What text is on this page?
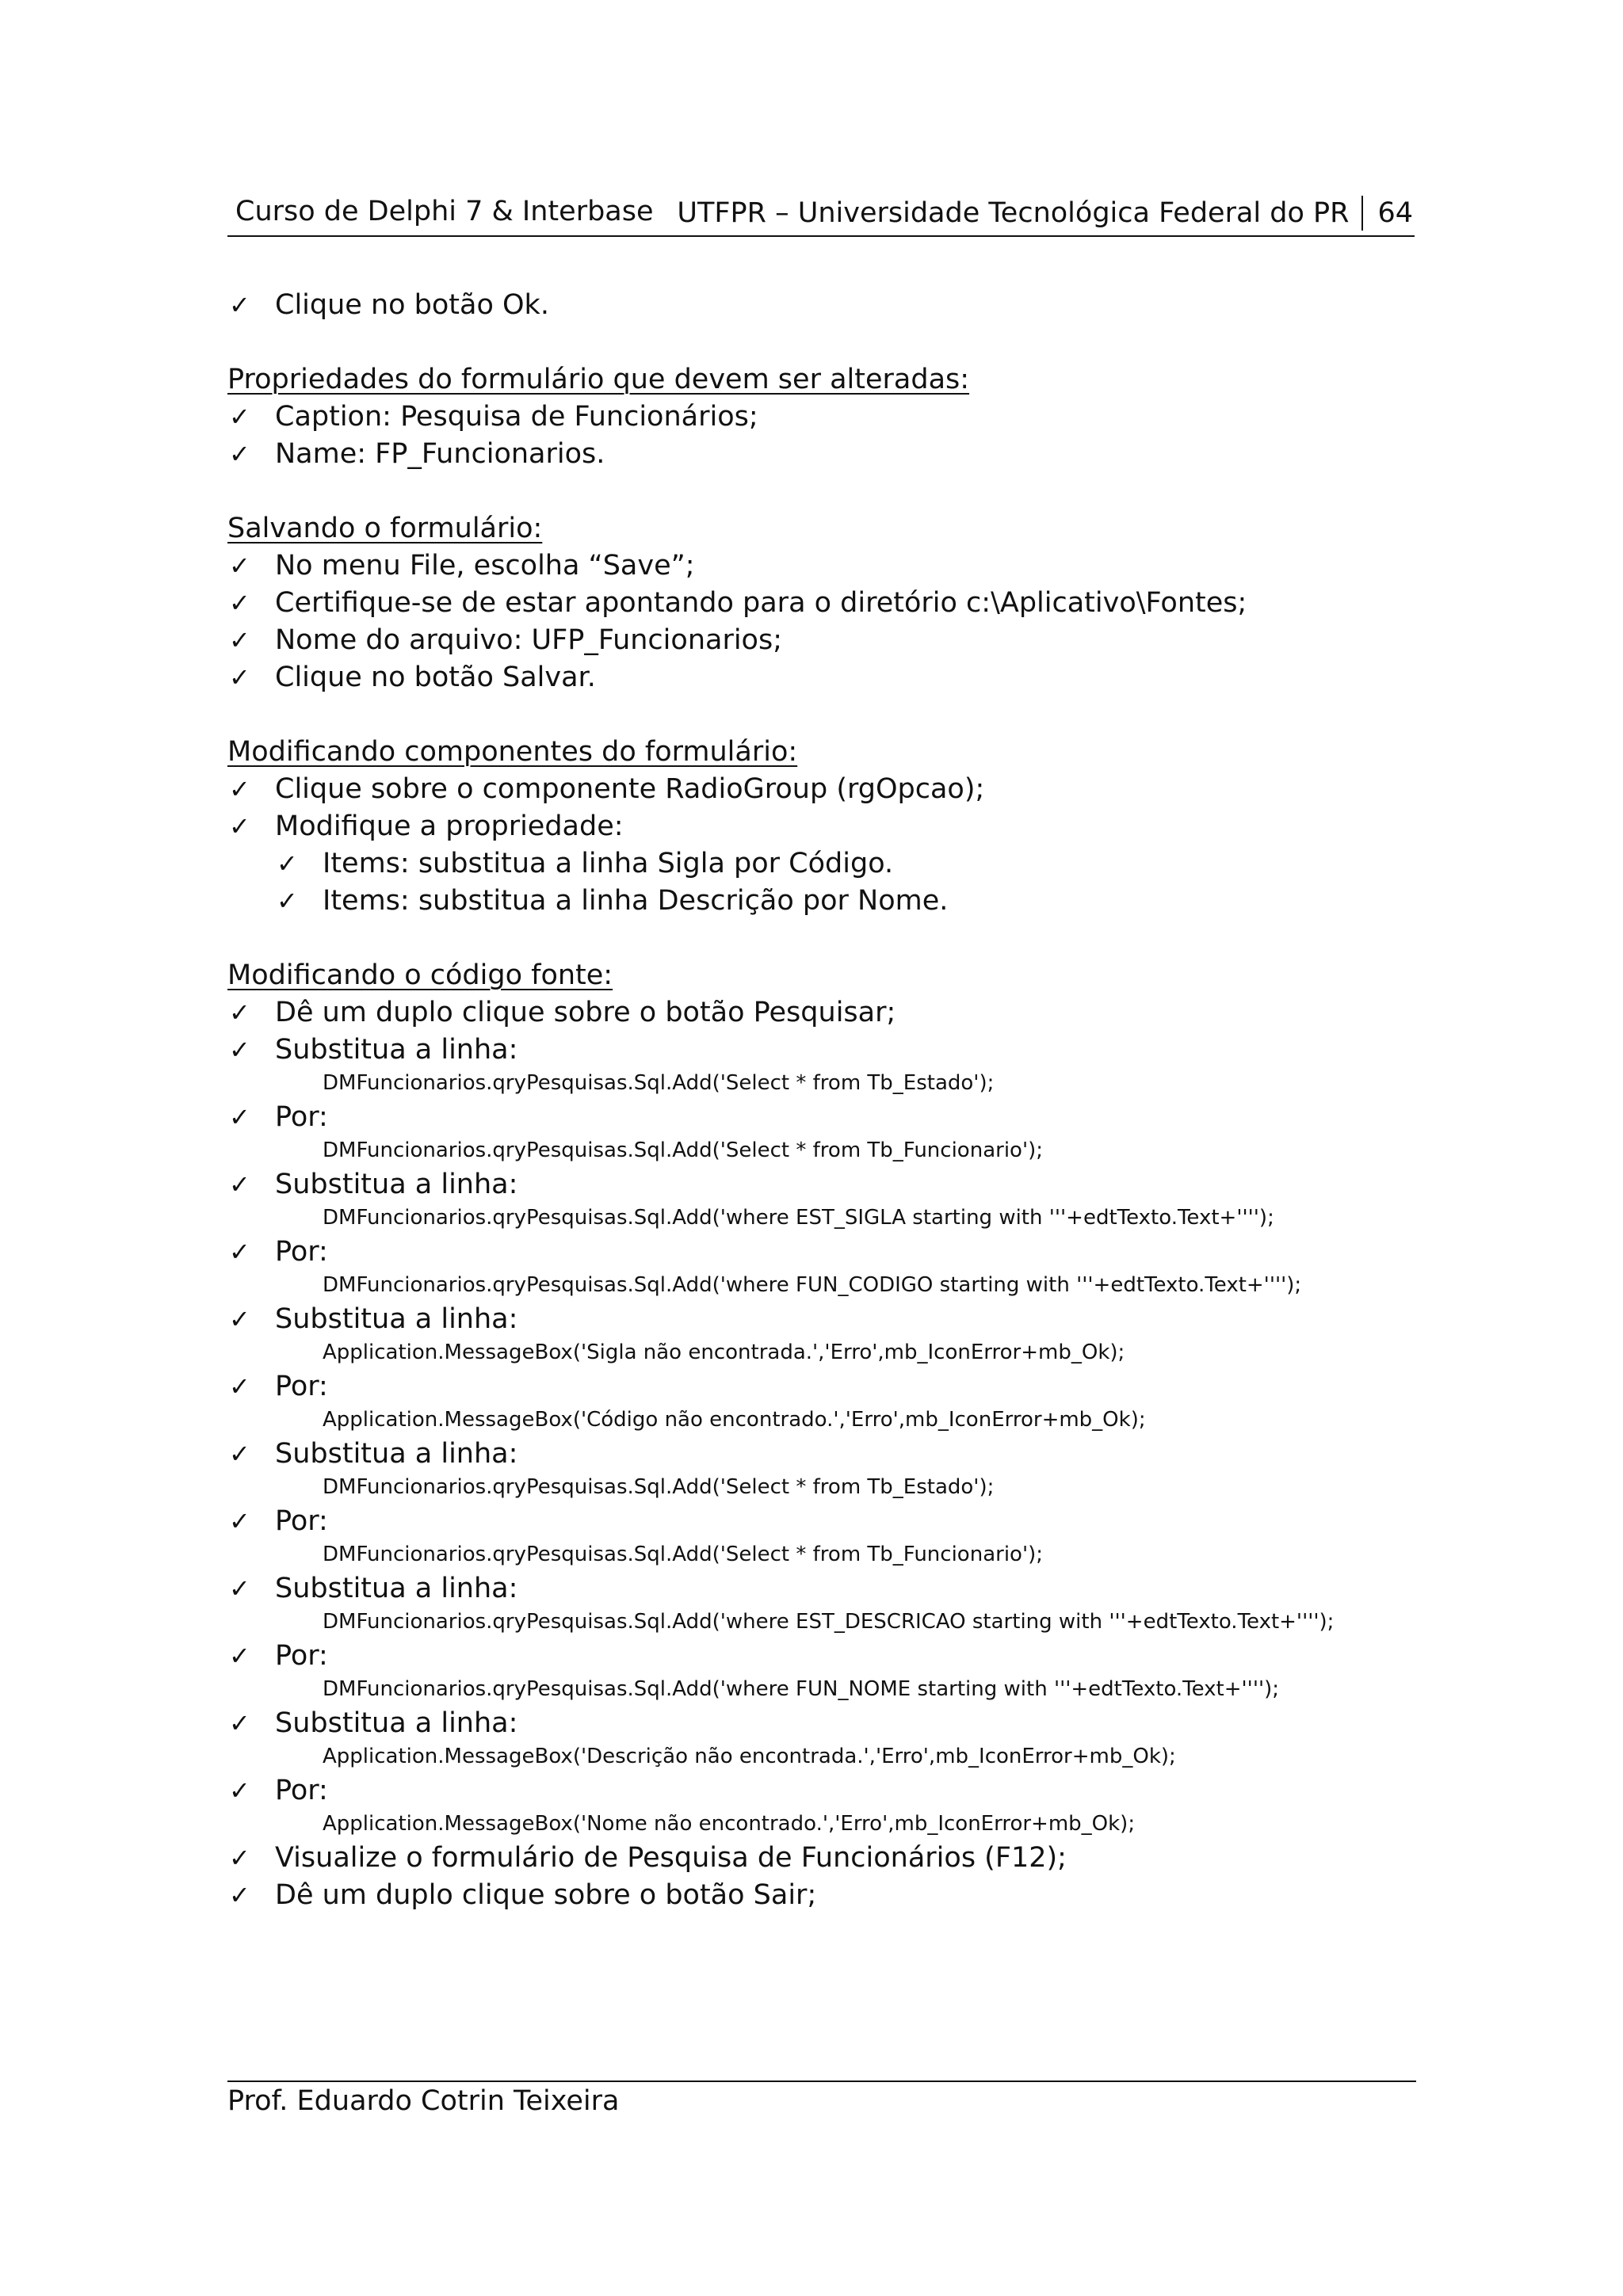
Curso de Delphi 7 & Interbase UTFPR – Universidade Tecnológica Federal do PR 64
✓ Clique no botão Ok.
Propriedades do formulário que devem ser alteradas:
✓ Caption: Pesquisa de Funcionários;
✓ Name: FP_Funcionarios.
Salvando o formulário:
✓ No menu File, escolha “Save”;
✓ Certifique-se de estar apontando para o diretório c:\Aplicativo\Fontes;
✓ Nome do arquivo: UFP_Funcionarios;
✓ Clique no botão Salvar.
Modificando componentes do formulário:
✓ Clique sobre o componente RadioGroup (rgOpcao);
✓ Modifique a propriedade:
✓ Items: substitua a linha Sigla por Código.
✓ Items: substitua a linha Descrição por Nome.
Modificando o código fonte:
✓ Dê um duplo clique sobre o botão Pesquisar;
✓ Substitua a linha:
DMFuncionarios.qryPesquisas.Sql.Add('Select * from Tb_Estado');
✓ Por:
DMFuncionarios.qryPesquisas.Sql.Add('Select * from Tb_Funcionario');
✓ Substitua a linha:
DMFuncionarios.qryPesquisas.Sql.Add('where EST_SIGLA starting with '''+edtTexto.Text+'''');
✓ Por:
DMFuncionarios.qryPesquisas.Sql.Add('where FUN_CODIGO starting with '''+edtTexto.Text+'''');
✓ Substitua a linha:
Application.MessageBox('Sigla não encontrada.','Erro',mb_IconError+mb_Ok);
✓ Por:
Application.MessageBox('Código não encontrado.','Erro',mb_IconError+mb_Ok);
✓ Substitua a linha:
DMFuncionarios.qryPesquisas.Sql.Add('Select * from Tb_Estado');
✓ Por:
DMFuncionarios.qryPesquisas.Sql.Add('Select * from Tb_Funcionario');
✓ Substitua a linha:
DMFuncionarios.qryPesquisas.Sql.Add('where EST_DESCRICAO starting with '''+edtTexto.Text+'''');
✓ Por:
DMFuncionarios.qryPesquisas.Sql.Add('where FUN_NOME starting with '''+edtTexto.Text+'''');
✓ Substitua a linha:
Application.MessageBox('Descrição não encontrada.','Erro',mb_IconError+mb_Ok);
✓ Por:
Application.MessageBox('Nome não encontrado.','Erro',mb_IconError+mb_Ok);
✓ Visualize o formulário de Pesquisa de Funcionários (F12);
✓ Dê um duplo clique sobre o botão Sair;
Prof. Eduardo Cotrin Teixeira
